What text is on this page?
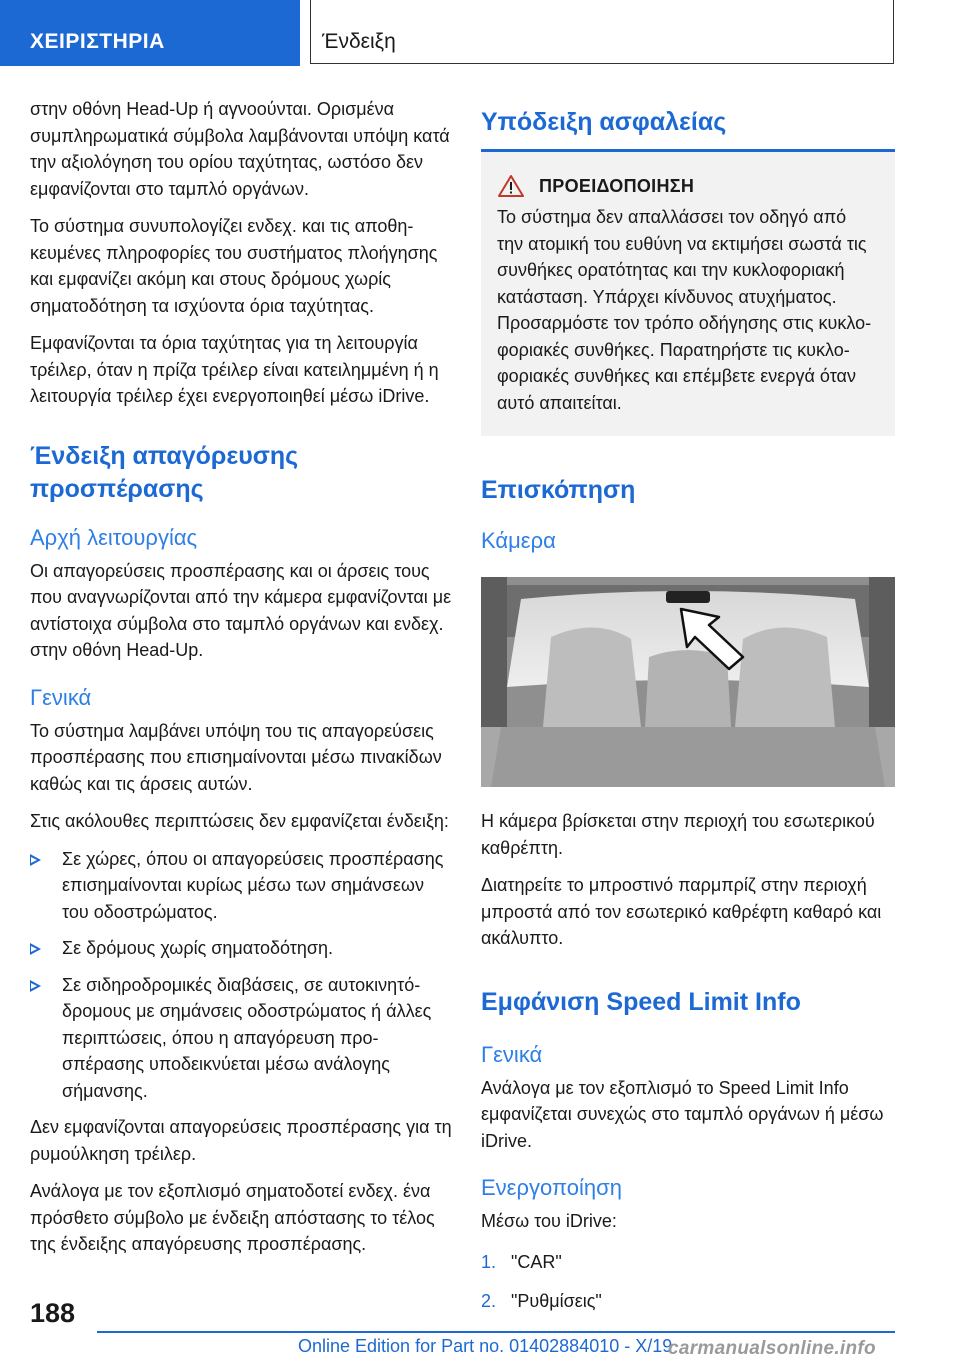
ΧΕΙΡΙΣΤΗΡΙΑ	Ένδειξη

στην οθόνη Head-Up ή αγνοούνται. Ορισμένα συμπληρωματικά σύμβολα λαμβάνονται υπόψη κατά την αξιολόγηση του ορίου ταχύτητας, ωστόσο δεν εμφανίζονται στο ταμπλό οργάνων.

Το σύστημα συνυπολογίζει ενδεχ. και τις αποθηκευμένες πληροφορίες του συστήματος πλοήγησης και εμφανίζει ακόμη και στους δρόμους χωρίς σηματοδότηση τα ισχύοντα όρια ταχύτητας.

Εμφανίζονται τα όρια ταχύτητας για τη λειτουργία τρέιλερ, όταν η πρίζα τρέιλερ είναι κατειλημμένη ή η λειτουργία τρέιλερ έχει ενεργοποιηθεί μέσω iDrive.

Ένδειξη απαγόρευσης προσπέρασης
Αρχή λειτουργίας

Οι απαγορεύσεις προσπέρασης και οι άρσεις τους που αναγνωρίζονται από την κάμερα εμφανίζονται με αντίστοιχα σύμβολα στο ταμπλό οργάνων και ενδεχ. στην οθόνη Head-Up.

Γενικά

Το σύστημα λαμβάνει υπόψη του τις απαγορεύσεις προσπέρασης που επισημαίνονται μέσω πινακίδων καθώς και τις άρσεις αυτών.

Στις ακόλουθες περιπτώσεις δεν εμφανίζεται ένδειξη:

Σε χώρες, όπου οι απαγορεύσεις προσπέρασης επισημαίνονται κυρίως μέσω των σημάνσεων του οδοστρώματος.
Σε δρόμους χωρίς σηματοδότηση.
Σε σιδηροδρομικές διαβάσεις, σε αυτοκινητόδρομους με σημάνσεις οδοστρώματος ή άλλες περιπτώσεις, όπου η απαγόρευση προσπέρασης υποδεικνύεται μέσω ανάλογης σήμανσης.

Δεν εμφανίζονται απαγορεύσεις προσπέρασης για τη ρυμούλκηση τρέιλερ.

Ανάλογα με τον εξοπλισμό σηματοδοτεί ενδεχ. ένα πρόσθετο σύμβολο με ένδειξη απόστασης το τέλος της ένδειξης απαγόρευσης προσπέρασης.

Υπόδειξη ασφαλείας
ΠΡΟΕΙΔΟΠΟΙΗΣΗ

Το σύστημα δεν απαλλάσσει τον οδηγό από την ατομική του ευθύνη να εκτιμήσει σωστά τις συνθήκες ορατότητας και την κυκλοφοριακή κατάσταση. Υπάρχει κίνδυνος ατυχήματος. Προσαρμόστε τον τρόπο οδήγησης στις κυκλοφοριακές συνθήκες. Παρατηρήστε τις κυκλοφοριακές συνθήκες και επέμβετε ενεργά όταν αυτό απαιτείται.

Επισκόπηση
Κάμερα

Η κάμερα βρίσκεται στην περιοχή του εσωτερικού καθρέπτη.

Διατηρείτε το μπροστινό παρμπρίζ στην περιοχή μπροστά από τον εσωτερικό καθρέφτη καθαρό και ακάλυπτο.

Εμφάνιση Speed Limit Info
Γενικά

Ανάλογα με τον εξοπλισμό το Speed Limit Info εμφανίζεται συνεχώς στο ταμπλό οργάνων ή μέσω iDrive.

Ενεργοποίηση

Μέσω του iDrive:

1. "CAR"
2. "Ρυθμίσεις"
188
Online Edition for Part no. 01402884010 - X/19
carmanualsonline.info
